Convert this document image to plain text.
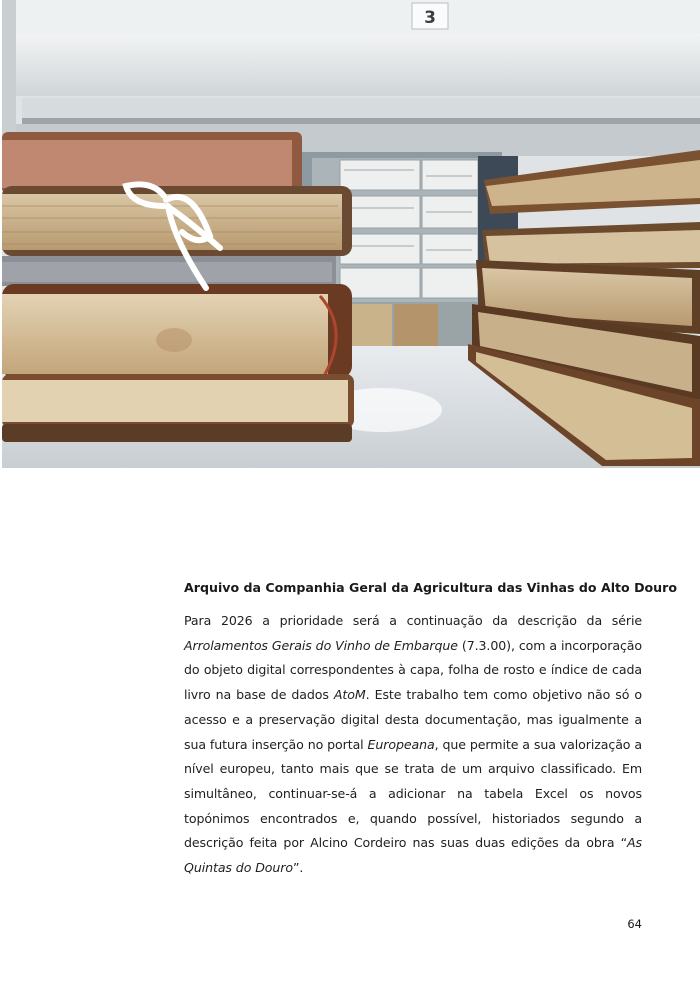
3
Arquivo da Companhia Geral da Agricultura das Vinhas do Alto Douro

Para 2026 a prioridade será a continuação da descrição da série Arrolamentos Gerais do Vinho de Embarque (7.3.00), com a incorporação do objeto digital correspondentes à capa, folha de rosto e índice de cada livro na base de dados AtoM. Este trabalho tem como objetivo não só o acesso e a preservação digital desta documentação, mas igualmente a sua futura inserção no portal Europeana, que permite a sua valorização a nível europeu, tanto mais que se trata de um arquivo classificado. Em simultâneo, continuar-se-á a adicionar na tabela Excel os novos topónimos encontrados e, quando possível, historiados segundo a descrição feita por Alcino Cordeiro nas suas duas edições da obra “As Quintas do Douro”.

64
